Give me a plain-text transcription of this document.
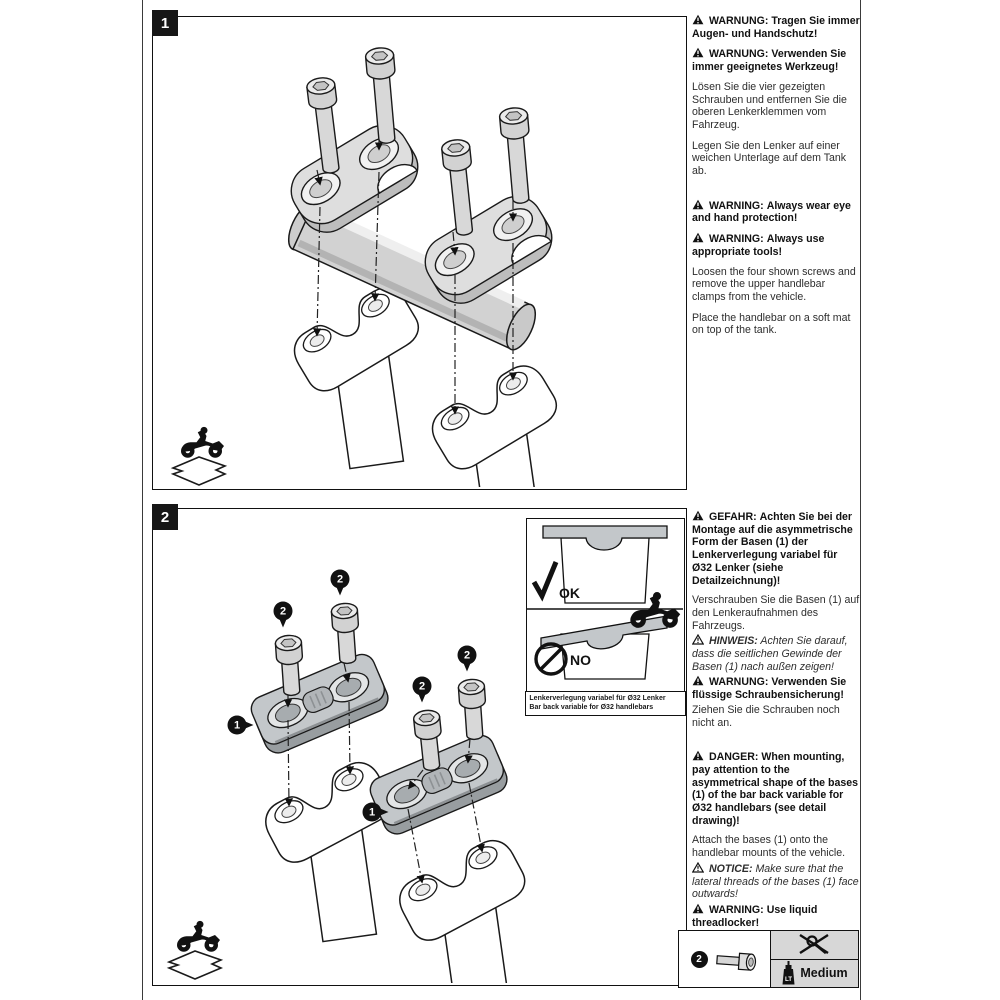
1
2
2
2
2
2
1
1
OK
NO
Lenkerverlegung variabel für Ø32 Lenker
Bar back variable for Ø32 handlebars

WARNUNG: Tragen Sie immer Augen- und Handschutz!

WARNUNG: Verwenden Sie immer geeignetes Werkzeug!

Lösen Sie die vier gezeigten Schrauben und entfernen Sie die oberen Lenkerklemmen vom Fahrzeug.

Legen Sie den Lenker auf einer weichen Unterlage auf dem Tank ab.

WARNING: Always wear eye and hand protection!

WARNING: Always use appropriate tools!

Loosen the four shown screws and remove the upper handlebar clamps from the vehicle.

Place the handlebar on a soft mat on top of the tank.

GEFAHR: Achten Sie bei der Montage auf die asymmetrische Form der Basen (1) der Lenkerverlegung variabel für Ø32 Lenker (siehe Detailzeichnung)!

Verschrauben Sie die Basen (1) auf den Lenkeraufnahmen des Fahrzeugs.

HINWEIS: Achten Sie darauf, dass die seitlichen Gewinde der Basen (1) nach außen zeigen!

WARNUNG: Verwenden Sie flüssige Schraubensicherung!

Ziehen Sie die Schrauben noch nicht an.

DANGER: When mounting, pay attention to the asymmetrical shape of the bases (1) of the bar back variable for Ø32 handlebars (see detail drawing)!

Attach the bases (1) onto the handlebar mounts of the vehicle.

NOTICE: Make sure that the lateral threads of the bases (1) face outwards!

WARNING: Use liquid threadlocker!

2
LT Medium
